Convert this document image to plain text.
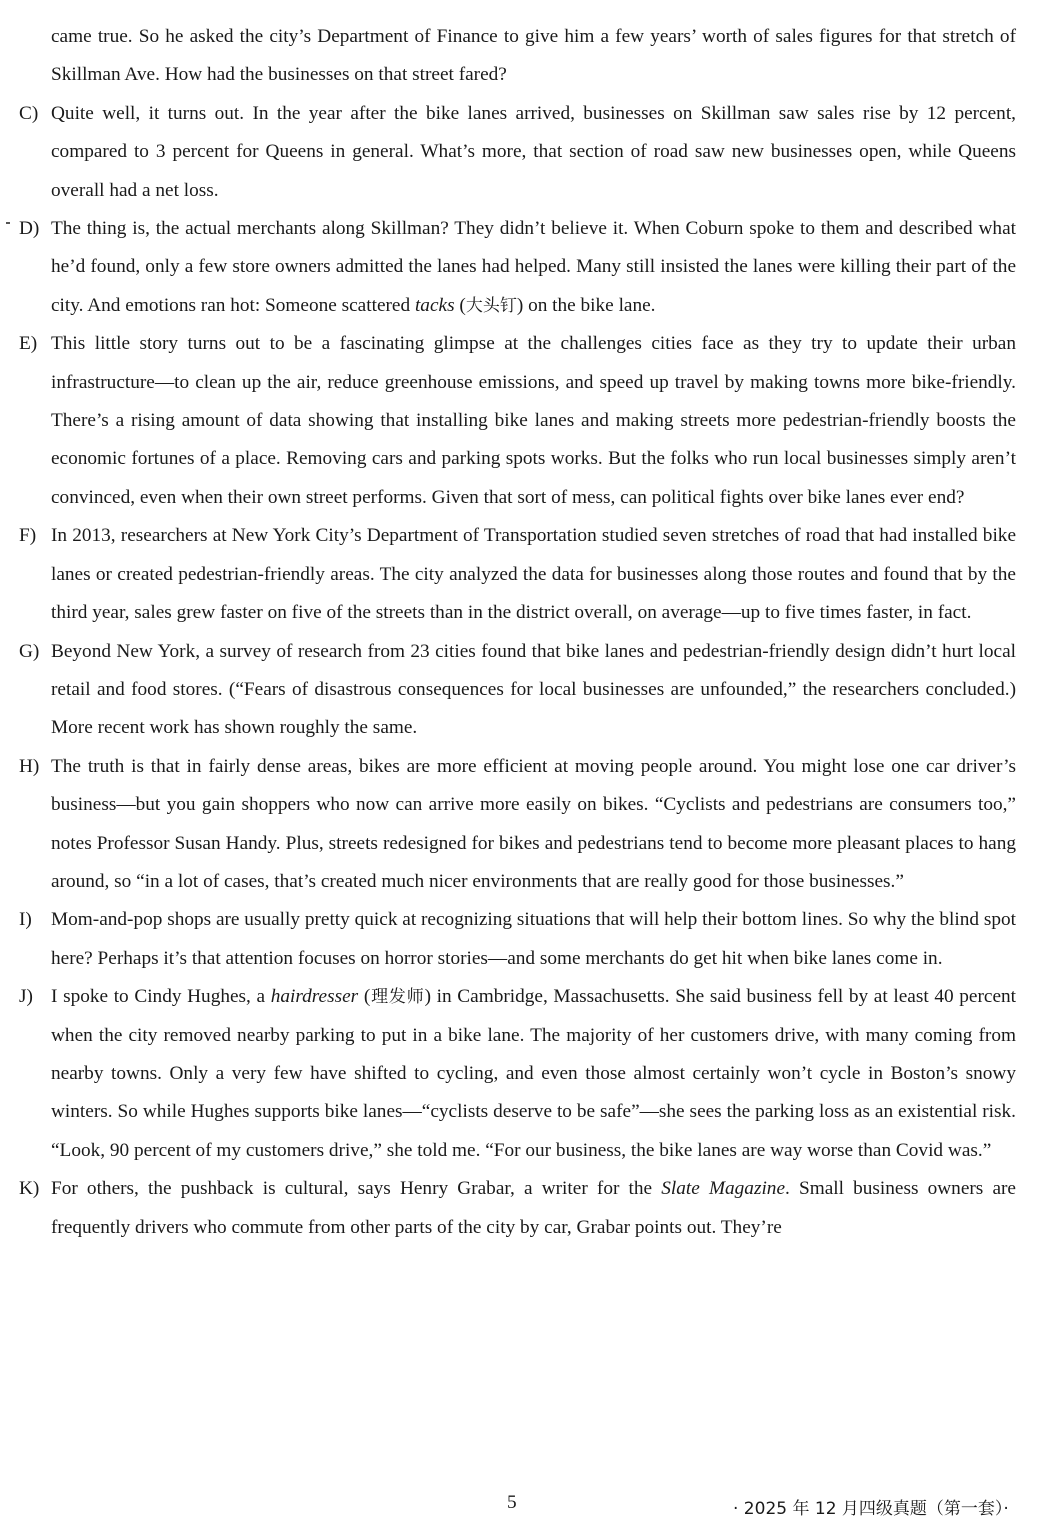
came true. So he asked the city’s Department of Finance to give him a few years’ worth of sales figures for that stretch of Skillman Ave. How had the businesses on that street fared?
C) Quite well, it turns out. In the year after the bike lanes arrived, businesses on Skillman saw sales rise by 12 percent, compared to 3 percent for Queens in general. What’s more, that section of road saw new businesses open, while Queens overall had a net loss.
D) The thing is, the actual merchants along Skillman? They didn’t believe it. When Coburn spoke to them and described what he’d found, only a few store owners admitted the lanes had helped. Many still insisted the lanes were killing their part of the city. And emotions ran hot: Someone scattered tacks (大头钉) on the bike lane.
E) This little story turns out to be a fascinating glimpse at the challenges cities face as they try to update their urban infrastructure—to clean up the air, reduce greenhouse emissions, and speed up travel by making towns more bike-friendly. There’s a rising amount of data showing that installing bike lanes and making streets more pedestrian-friendly boosts the economic fortunes of a place. Removing cars and parking spots works. But the folks who run local businesses simply aren’t convinced, even when their own street performs. Given that sort of mess, can political fights over bike lanes ever end?
F) In 2013, researchers at New York City’s Department of Transportation studied seven stretches of road that had installed bike lanes or created pedestrian-friendly areas. The city analyzed the data for businesses along those routes and found that by the third year, sales grew faster on five of the streets than in the district overall, on average—up to five times faster, in fact.
G) Beyond New York, a survey of research from 23 cities found that bike lanes and pedestrian-friendly design didn’t hurt local retail and food stores. (“Fears of disastrous consequences for local businesses are unfounded,” the researchers concluded.) More recent work has shown roughly the same.
H) The truth is that in fairly dense areas, bikes are more efficient at moving people around. You might lose one car driver’s business—but you gain shoppers who now can arrive more easily on bikes. “Cyclists and pedestrians are consumers too,” notes Professor Susan Handy. Plus, streets redesigned for bikes and pedestrians tend to become more pleasant places to hang around, so “in a lot of cases, that’s created much nicer environments that are really good for those businesses.”
I) Mom-and-pop shops are usually pretty quick at recognizing situations that will help their bottom lines. So why the blind spot here? Perhaps it’s that attention focuses on horror stories—and some merchants do get hit when bike lanes come in.
J) I spoke to Cindy Hughes, a hairdresser (理发师) in Cambridge, Massachusetts. She said business fell by at least 40 percent when the city removed nearby parking to put in a bike lane. The majority of her customers drive, with many coming from nearby towns. Only a very few have shifted to cycling, and even those almost certainly won’t cycle in Boston’s snowy winters. So while Hughes supports bike lanes—“cyclists deserve to be safe”—she sees the parking loss as an existential risk. “Look, 90 percent of my customers drive,” she told me. “For our business, the bike lanes are way worse than Covid was.”
K) For others, the pushback is cultural, says Henry Grabar, a writer for the Slate Magazine. Small business owners are frequently drivers who commute from other parts of the city by car, Grabar points out. They’re
5	· 2025 年 12 月四级真题（第一套）·
